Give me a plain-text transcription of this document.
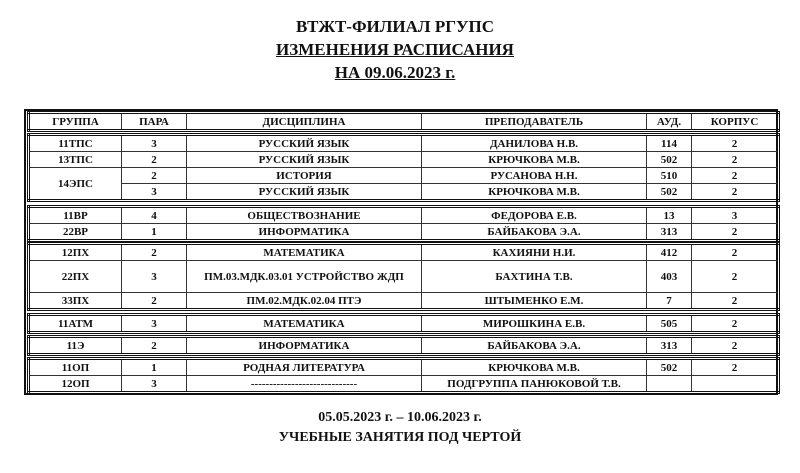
ВТЖТ-ФИЛИАЛ РГУПС
ИЗМЕНЕНИЯ РАСПИСАНИЯ
НА 09.06.2023 г.
ГРУППА	ПАРА	ДИСЦИПЛИНА	ПРЕПОДАВАТЕЛЬ	АУД.	КОРПУС
11ТПС	3	РУССКИЙ ЯЗЫК	ДАНИЛОВА Н.В.	114	2
13ТПС	2	РУССКИЙ ЯЗЫК	КРЮЧКОВА М.В.	502	2
14ЭПС	2	ИСТОРИЯ	РУСАНОВА Н.Н.	510	2
	3	РУССКИЙ ЯЗЫК	КРЮЧКОВА М.В.	502	2
11ВР	4	ОБЩЕСТВОЗНАНИЕ	ФЕДОРОВА Е.В.	13	3
22ВР	1	ИНФОРМАТИКА	БАЙБАКОВА Э.А.	313	2
12ПХ	2	МАТЕМАТИКА	КАХИЯНИ Н.И.	412	2
22ПХ	3	ПМ.03.МДК.03.01 УСТРОЙСТВО ЖДП	БАХТИНА Т.В.	403	2
33ПХ	2	ПМ.02.МДК.02.04 ПТЭ	ШТЫМЕНКО Е.М.	7	2
11АТМ	3	МАТЕМАТИКА	МИРОШКИНА Е.В.	505	2
11Э	2	ИНФОРМАТИКА	БАЙБАКОВА Э.А.	313	2
11ОП	1	РОДНАЯ ЛИТЕРАТУРА	КРЮЧКОВА М.В.	502	2
12ОП	3	-----------------------------	ПОДГРУППА ПАНЮКОВОЙ Т.В.		
05.05.2023 г. – 10.06.2023 г.
УЧЕБНЫЕ ЗАНЯТИЯ ПОД ЧЕРТОЙ
